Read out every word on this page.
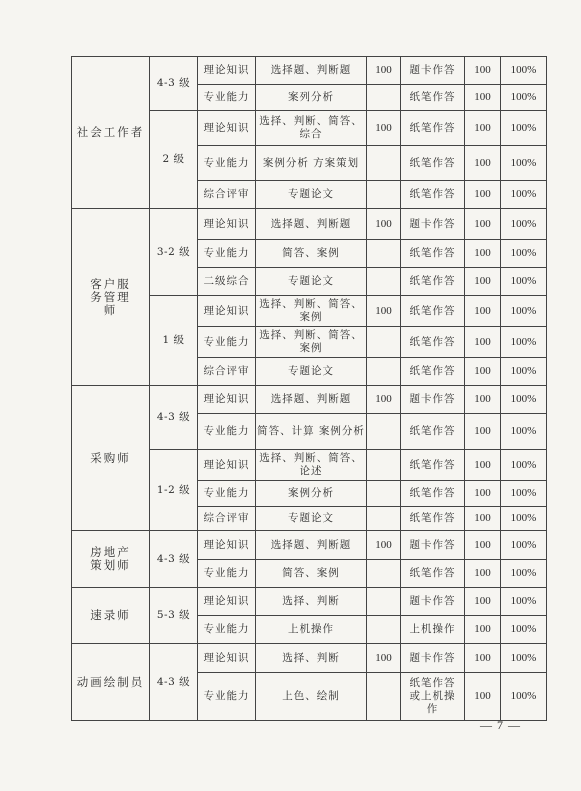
社会工作者	4-3 级	理论知识	选择题、判断题	100	题卡作答	100	100%
		专业能力	案列分析		纸笔作答	100	100%
	2 级	理论知识	选择、判断、简答、综合	100	纸笔作答	100	100%
		专业能力	案例分析 方案策划		纸笔作答	100	100%
		综合评审	专题论文		纸笔作答	100	100%
客户服务管理师	3-2 级	理论知识	选择题、判断题	100	题卡作答	100	100%
		专业能力	简答、案例		纸笔作答	100	100%
		二级综合	专题论文		纸笔作答	100	100%
	1 级	理论知识	选择、判断、简答、案例	100	纸笔作答	100	100%
		专业能力	选择、判断、简答、案例		纸笔作答	100	100%
		综合评审	专题论文		纸笔作答	100	100%
采购师	4-3 级	理论知识	选择题、判断题	100	题卡作答	100	100%
		专业能力	简答、计算 案例分析		纸笔作答	100	100%
	1-2 级	理论知识	选择、判断、简答、论述		纸笔作答	100	100%
		专业能力	案例分析		纸笔作答	100	100%
		综合评审	专题论文		纸笔作答	100	100%
房地产策划师	4-3 级	理论知识	选择题、判断题	100	题卡作答	100	100%
		专业能力	简答、案例		纸笔作答	100	100%
速录师	5-3 级	理论知识	选择、判断		题卡作答	100	100%
		专业能力	上机操作		上机操作	100	100%
动画绘制员	4-3 级	理论知识	选择、判断	100	题卡作答	100	100%
		专业能力	上色、绘制		纸笔作答或上机操作	100	100%
— 7 —
